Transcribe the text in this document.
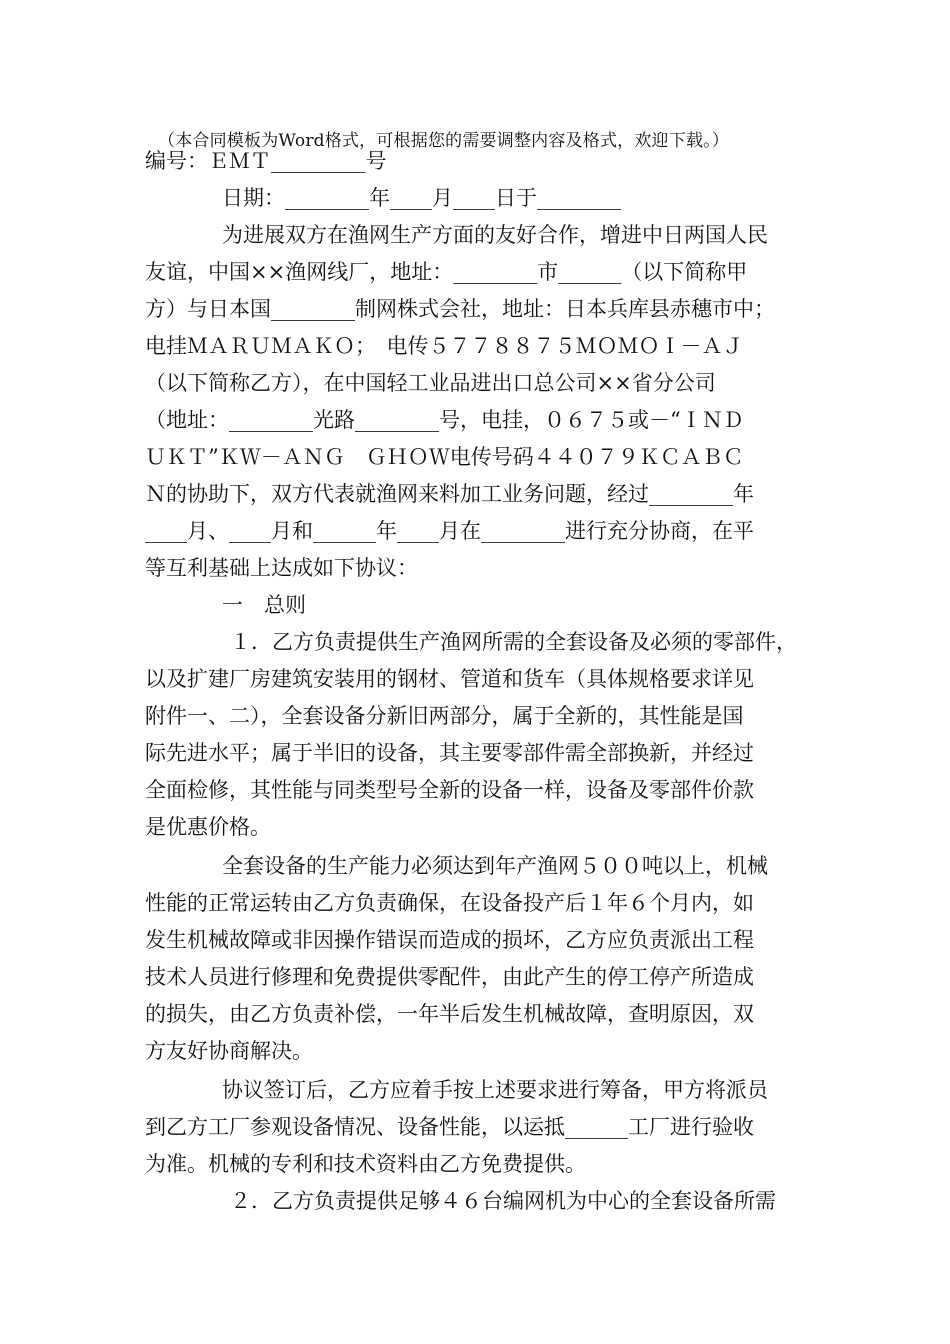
（本合同模板为Word格式，可根据您的需要调整内容及格式，欢迎下载。）
编号：ＥＭＴ_________号
日期：________年____月____日于________
为进展双方在渔网生产方面的友好合作，增进中日两国人民
友谊，中国××渔网线厂，地址：________市______（以下简称甲
方）与日本国________制网株式会社，地址：日本兵库县赤穗市中；
电挂ＭＡＲＵＭＡＫＯ；　电传５７７８８７５ＭＯＭＯＩ－ＡＪ
（以下简称乙方），在中国轻工业品进出口总公司××省分公司
（地址：________光路________号，电挂，０６７５或－“ＩＮＤ
ＵＫＴ”ＫＷ－ＡＮＧ　ＧＨＯＷ电传号码４４０７９ＫＣＡＢＣ
Ｎ的协助下，双方代表就渔网来料加工业务问题，经过________年
____月、____月和______年____月在________进行充分协商，在平
等互利基础上达成如下协议：
一　总则
１．乙方负责提供生产渔网所需的全套设备及必须的零部件，
以及扩建厂房建筑安装用的钢材、管道和货车（具体规格要求详见
附件一、二），全套设备分新旧两部分，属于全新的，其性能是国
际先进水平；属于半旧的设备，其主要零部件需全部换新，并经过
全面检修，其性能与同类型号全新的设备一样，设备及零部件价款
是优惠价格。
全套设备的生产能力必须达到年产渔网５００吨以上，机械
性能的正常运转由乙方负责确保，在设备投产后１年６个月内，如
发生机械故障或非因操作错误而造成的损坏，乙方应负责派出工程
技术人员进行修理和免费提供零配件，由此产生的停工停产所造成
的损失，由乙方负责补偿，一年半后发生机械故障，查明原因，双
方友好协商解决。
协议签订后，乙方应着手按上述要求进行筹备，甲方将派员
到乙方工厂参观设备情况、设备性能，以运抵______工厂进行验收
为准。机械的专利和技术资料由乙方免费提供。
２．乙方负责提供足够４６台编网机为中心的全套设备所需
